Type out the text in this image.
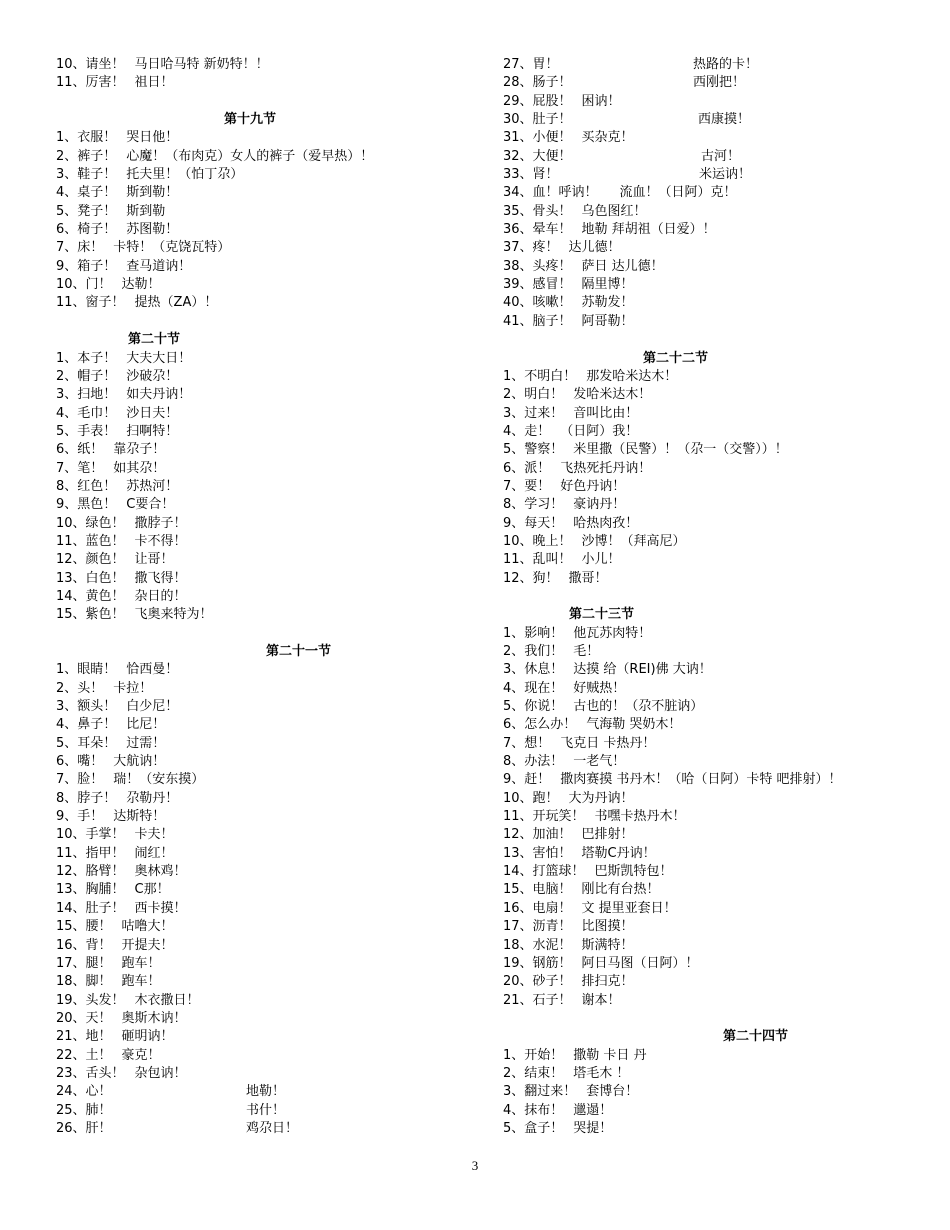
10、请坐！ 马日哈马特 新奶特！！
11、厉害！ 祖日！
第十九节
1、衣服！ 哭日他！
2、裤子！ 心魔！（布肉克）女人的裤子（爱早热）！
3、鞋子！ 托夫里！（怕丁尕）
4、桌子！ 斯到勒！
5、凳子！ 斯到勒
6、椅子！ 苏图勒！
7、床！ 卡特！（克饶瓦特）
9、箱子！ 查马道讷！
10、门！ 达勒！
11、窗子！ 提热（ZA）！
第二十节
1、本子！ 大夫大日！
2、帽子！ 沙破尕！
3、扫地！ 如夫丹讷！
4、毛巾！ 沙日夫！
5、手表！ 扫啊特！
6、纸！ 靠尕子！
7、笔！ 如其尕！
8、红色！ 苏热河！
9、黑色！ C要合！
10、绿色！ 撒脖子！
11、蓝色！ 卡不得！
12、颜色！ 让哥！
13、白色！ 撒飞得！
14、黄色！ 杂日的！
15、紫色！ 飞奥来特为！
第二十一节
1、眼睛！ 恰西曼！
2、头！ 卡拉！
3、额头！ 白少尼！
4、鼻子！ 比尼！
5、耳朵！ 过需！
6、嘴！ 大航讷！
7、脸！ 瑞！（安东摸）
8、脖子！ 尕勒丹！
9、手！ 达斯特！
10、手掌！ 卡夫！
11、指甲！ 闹红！
12、胳臂！ 奥林鸡！
13、胸脯！ C那！
14、肚子！ 西卡摸！
15、腰！ 咕噜大！
16、背！ 开提夫！
17、腿！ 跑车！
18、脚！ 跑车！
19、头发！ 木衣撒日！
20、天！ 奥斯木讷！
21、地！ 砸明讷！
22、土！ 豪克！
23、舌头！ 杂包讷！
24、心！	地勒！
25、肺！	书什！
26、肝！	鸡尕日！
27、胃！	热路的卡！
28、肠子！	西刚把！
29、屁股！ 困讷！
30、肚子！	西康摸！
31、小便！ 买杂克！
32、大便！	古河！
33、肾！	米运讷！
34、血！呼讷！ 流血！（日阿）克！
35、骨头！ 乌色图红！
36、晕车！ 地勒 拜胡祖（日爱）！
37、疼！ 达儿德！
38、头疼！ 萨日 达儿德！
39、感冒！ 隔里博！
40、咳嗽！ 苏勒发！
41、脑子！ 阿哥勒！
第二十二节
1、不明白！ 那发哈米达木！
2、明白！ 发哈米达木！
3、过来！ 音叫比由！
4、走！ （日阿）我！
5、警察！ 米里撒（民警）！（尕一（交警））！
6、派！ 飞热死托丹讷！
7、要！ 好色丹讷！
8、学习！ 豪讷丹！
9、每天！ 哈热肉孜！
10、晚上！ 沙博！（拜高尼）
11、乱叫！ 小儿！
12、狗！ 撒哥！
第二十三节
1、影响！ 他瓦苏肉特！
2、我们！ 毛！
3、休息！ 达摸 给（REI)佛 大讷！
4、现在！ 好贼热！
5、你说！ 古也的！（尕不脏讷）
6、怎么办！ 气海勒 哭奶木！
7、想！ 飞克日 卡热丹！
8、办法！ 一老气！
9、赶！ 撒肉赛摸 书丹木！（哈（日阿）卡特 吧排射）！
10、跑！ 大为丹讷！
11、开玩笑！ 书嘿卡热丹木！
12、加油！ 巴排射！
13、害怕！ 塔勒C丹讷！
14、打篮球！ 巴斯凯特包！
15、电脑！ 刚比有台热！
16、电扇！ 文 提里亚套日！
17、沥青！ 比图摸！
18、水泥！ 斯满特！
19、钢筋！ 阿日马图（日阿）！
20、砂子！ 排扫克！
21、石子！ 谢本！
第二十四节
1、开始！ 撒勒 卡日 丹
2、结束！ 塔毛木 ！
3、翻过来！ 套博台！
4、抹布！ 邋遢！
5、盒子！ 哭提！
3
